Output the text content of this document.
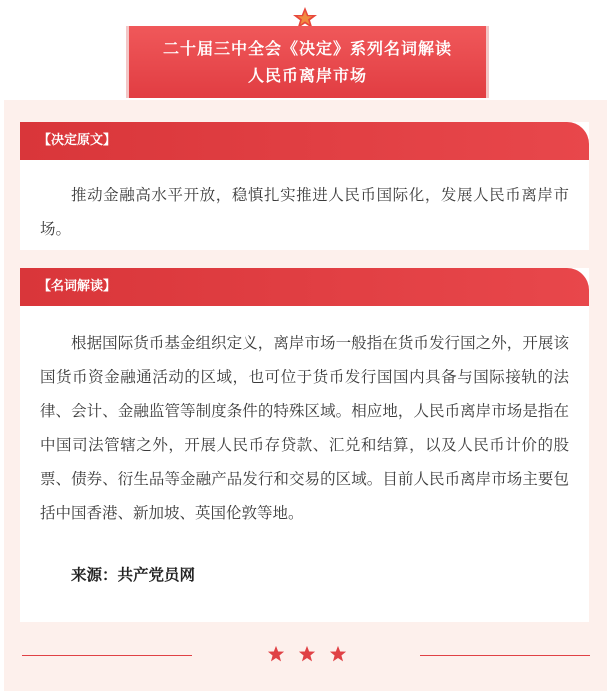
二十届三中全会《决定》系列名词解读
人民币离岸市场
【决定原文】

推动金融高水平开放，稳慎扎实推进人民币国际化，发展人民币离岸市场。

【名词解读】

根据国际货币基金组织定义，离岸市场一般指在货币发行国之外，开展该国货币资金融通活动的区域，也可位于货币发行国国内具备与国际接轨的法律、会计、金融监管等制度条件的特殊区域。相应地，人民币离岸市场是指在中国司法管辖之外，开展人民币存贷款、汇兑和结算，以及人民币计价的股票、债券、衍生品等金融产品发行和交易的区域。目前人民币离岸市场主要包括中国香港、新加坡、英国伦敦等地。

来源：共产党员网
